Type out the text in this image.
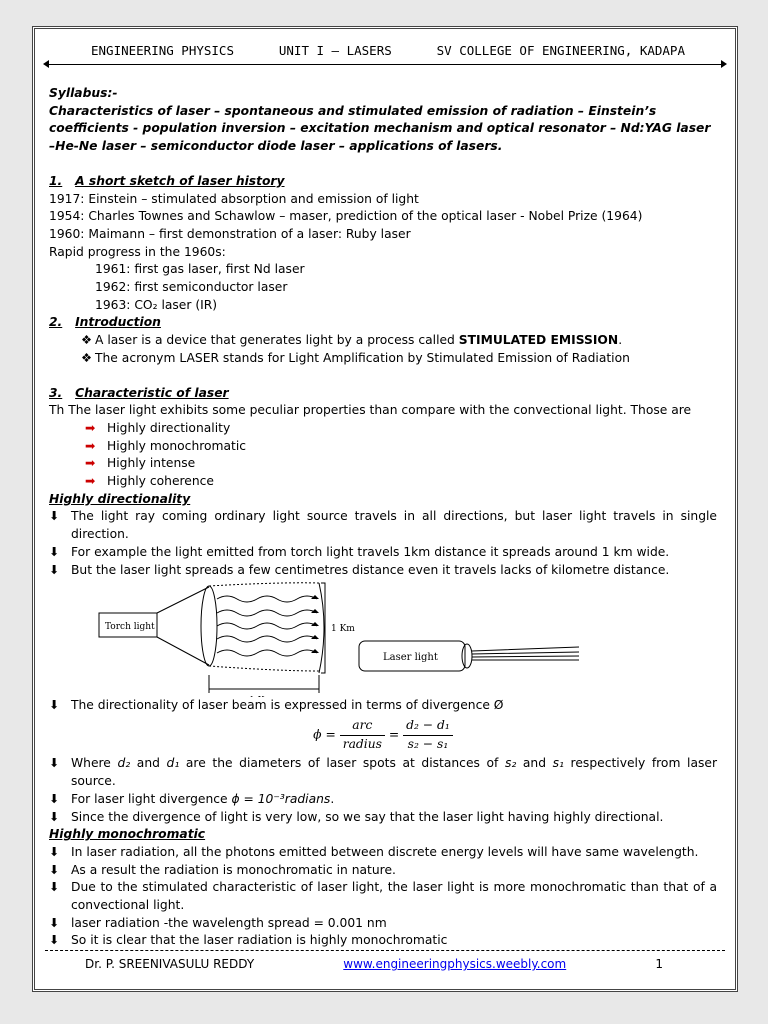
ENGINEERING PHYSICS	UNIT I – LASERS	SV COLLEGE OF ENGINEERING, KADAPA

Syllabus:-

Characteristics of laser – spontaneous and stimulated emission of radiation – Einstein’s coefficients - population inversion – excitation mechanism and optical resonator – Nd:YAG laser –He-Ne laser – semiconductor diode laser – applications of lasers.

1. A short sketch of laser history

1917: Einstein – stimulated absorption and emission of light

1954: Charles Townes and Schawlow – maser, prediction of the optical laser - Nobel Prize (1964)

1960: Maimann – first demonstration of a laser: Ruby laser

Rapid progress in the 1960s:

1961: first gas laser, first Nd laser

1962: first semiconductor laser

1963: CO₂ laser (IR)

2. Introduction

❖ A laser is a device that generates light by a process called STIMULATED EMISSION.
❖ The acronym LASER stands for Light Amplification by Stimulated Emission of Radiation

3. Characteristic of laser

Th The laser light exhibits some peculiar properties than compare with the convectional light. Those are

➡ Highly directionality
➡ Highly monochromatic
➡ Highly intense
➡ Highly coherence

Highly directionality

⬇ The light ray coming ordinary light source travels in all directions, but laser light travels in single direction.
⬇ For example the light emitted from torch light travels 1km distance it spreads around 1 km wide.
⬇ But the laser light spreads a few centimetres distance even it travels lacks of kilometre distance.
Torch light	1 Km
Laser light
⬇ The directionality of laser beam is expressed in terms of divergence Ø
$\phi = \frac{\text{arc}}{\text{radius}} = \frac{\text{d₂ − d₁}}{\text{s₂ − s₁}}$
⬇ Where d₂ and d₁ are the diameters of laser spots at distances of s₂ and s₁ respectively from laser source.
⬇ For laser light divergence ϕ = 10⁻³radians.
⬇ Since the divergence of light is very low, so we say that the laser light having highly directional.

Highly monochromatic

⬇ In laser radiation, all the photons emitted between discrete energy levels will have same wavelength.
⬇ As a result the radiation is monochromatic in nature.
⬇ Due to the stimulated characteristic of laser light, the laser light is more monochromatic than that of a convectional light.
⬇ laser radiation -the wavelength spread = 0.001 nm
⬇ So it is clear that the laser radiation is highly monochromatic
Dr. P. SREENIVASULU REDDY	www.engineeringphysics.weebly.com	1
